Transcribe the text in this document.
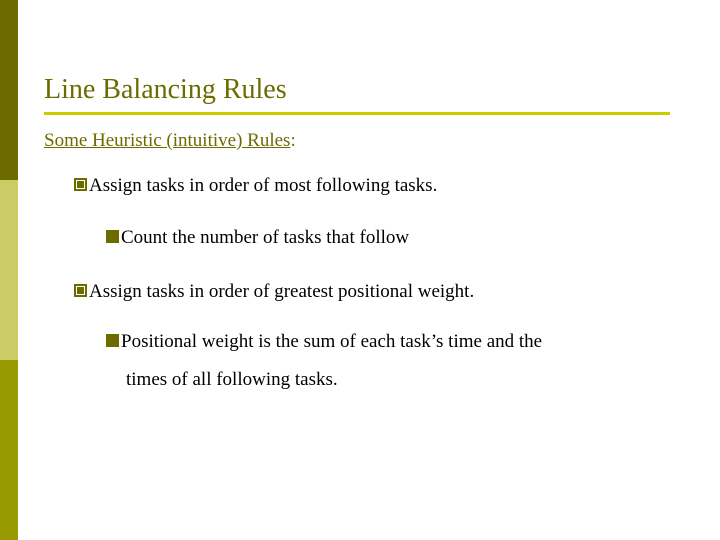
Line Balancing Rules
Some Heuristic (intuitive) Rules:
Assign tasks in order of most following tasks.
Count the number of tasks that follow
Assign tasks in order of greatest positional weight.
Positional weight is the sum of each task’s time and the
times of all following tasks.
